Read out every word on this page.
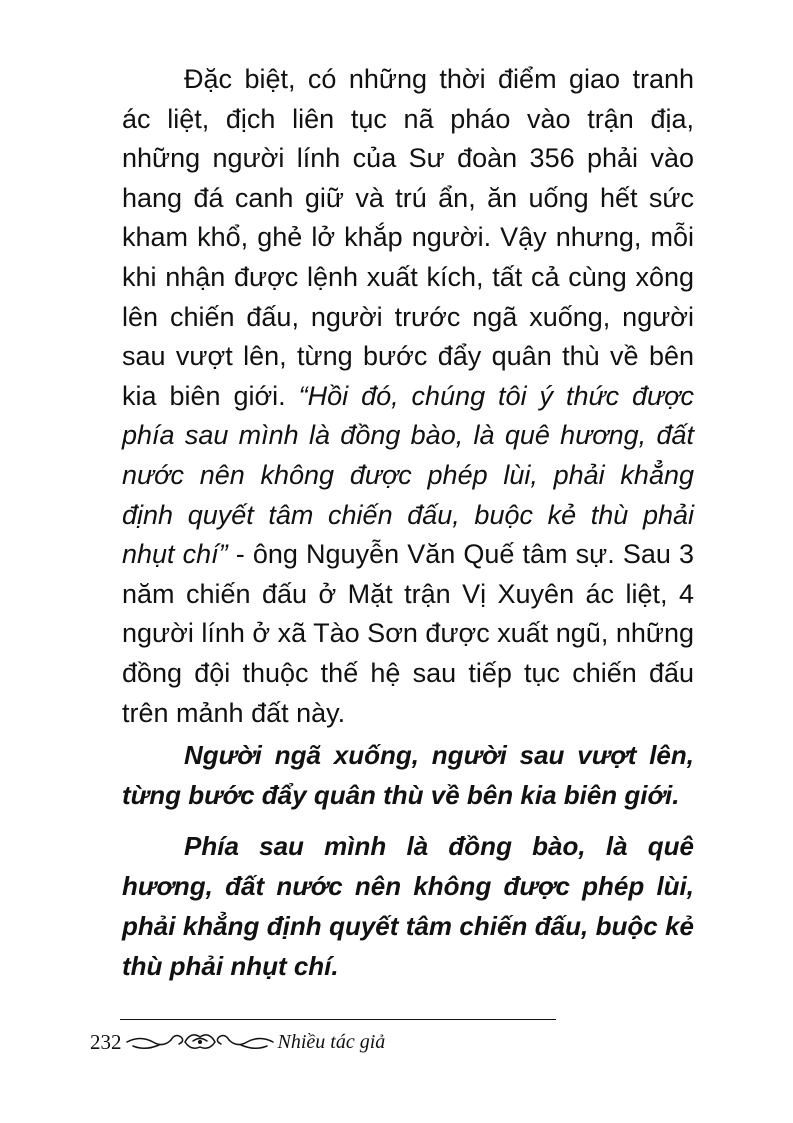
Đặc biệt, có những thời điểm giao tranh ác liệt, địch liên tục nã pháo vào trận địa, những người lính của Sư đoàn 356 phải vào hang đá canh giữ và trú ẩn, ăn uống hết sức kham khổ, ghẻ lở khắp người. Vậy nhưng, mỗi khi nhận được lệnh xuất kích, tất cả cùng xông lên chiến đấu, người trước ngã xuống, người sau vượt lên, từng bước đẩy quân thù về bên kia biên giới. “Hồi đó, chúng tôi ý thức được phía sau mình là đồng bào, là quê hương, đất nước nên không được phép lùi, phải khẳng định quyết tâm chiến đấu, buộc kẻ thù phải nhụt chí” - ông Nguyễn Văn Quế tâm sự. Sau 3 năm chiến đấu ở Mặt trận Vị Xuyên ác liệt, 4 người lính ở xã Tào Sơn được xuất ngũ, những đồng đội thuộc thế hệ sau tiếp tục chiến đấu trên mảnh đất này.

Người ngã xuống, người sau vượt lên, từng bước đẩy quân thù về bên kia biên giới.

Phía sau mình là đồng bào, là quê hương, đất nước nên không được phép lùi, phải khẳng định quyết tâm chiến đấu, buộc kẻ thù phải nhụt chí.

232	Nhiều tác giả
